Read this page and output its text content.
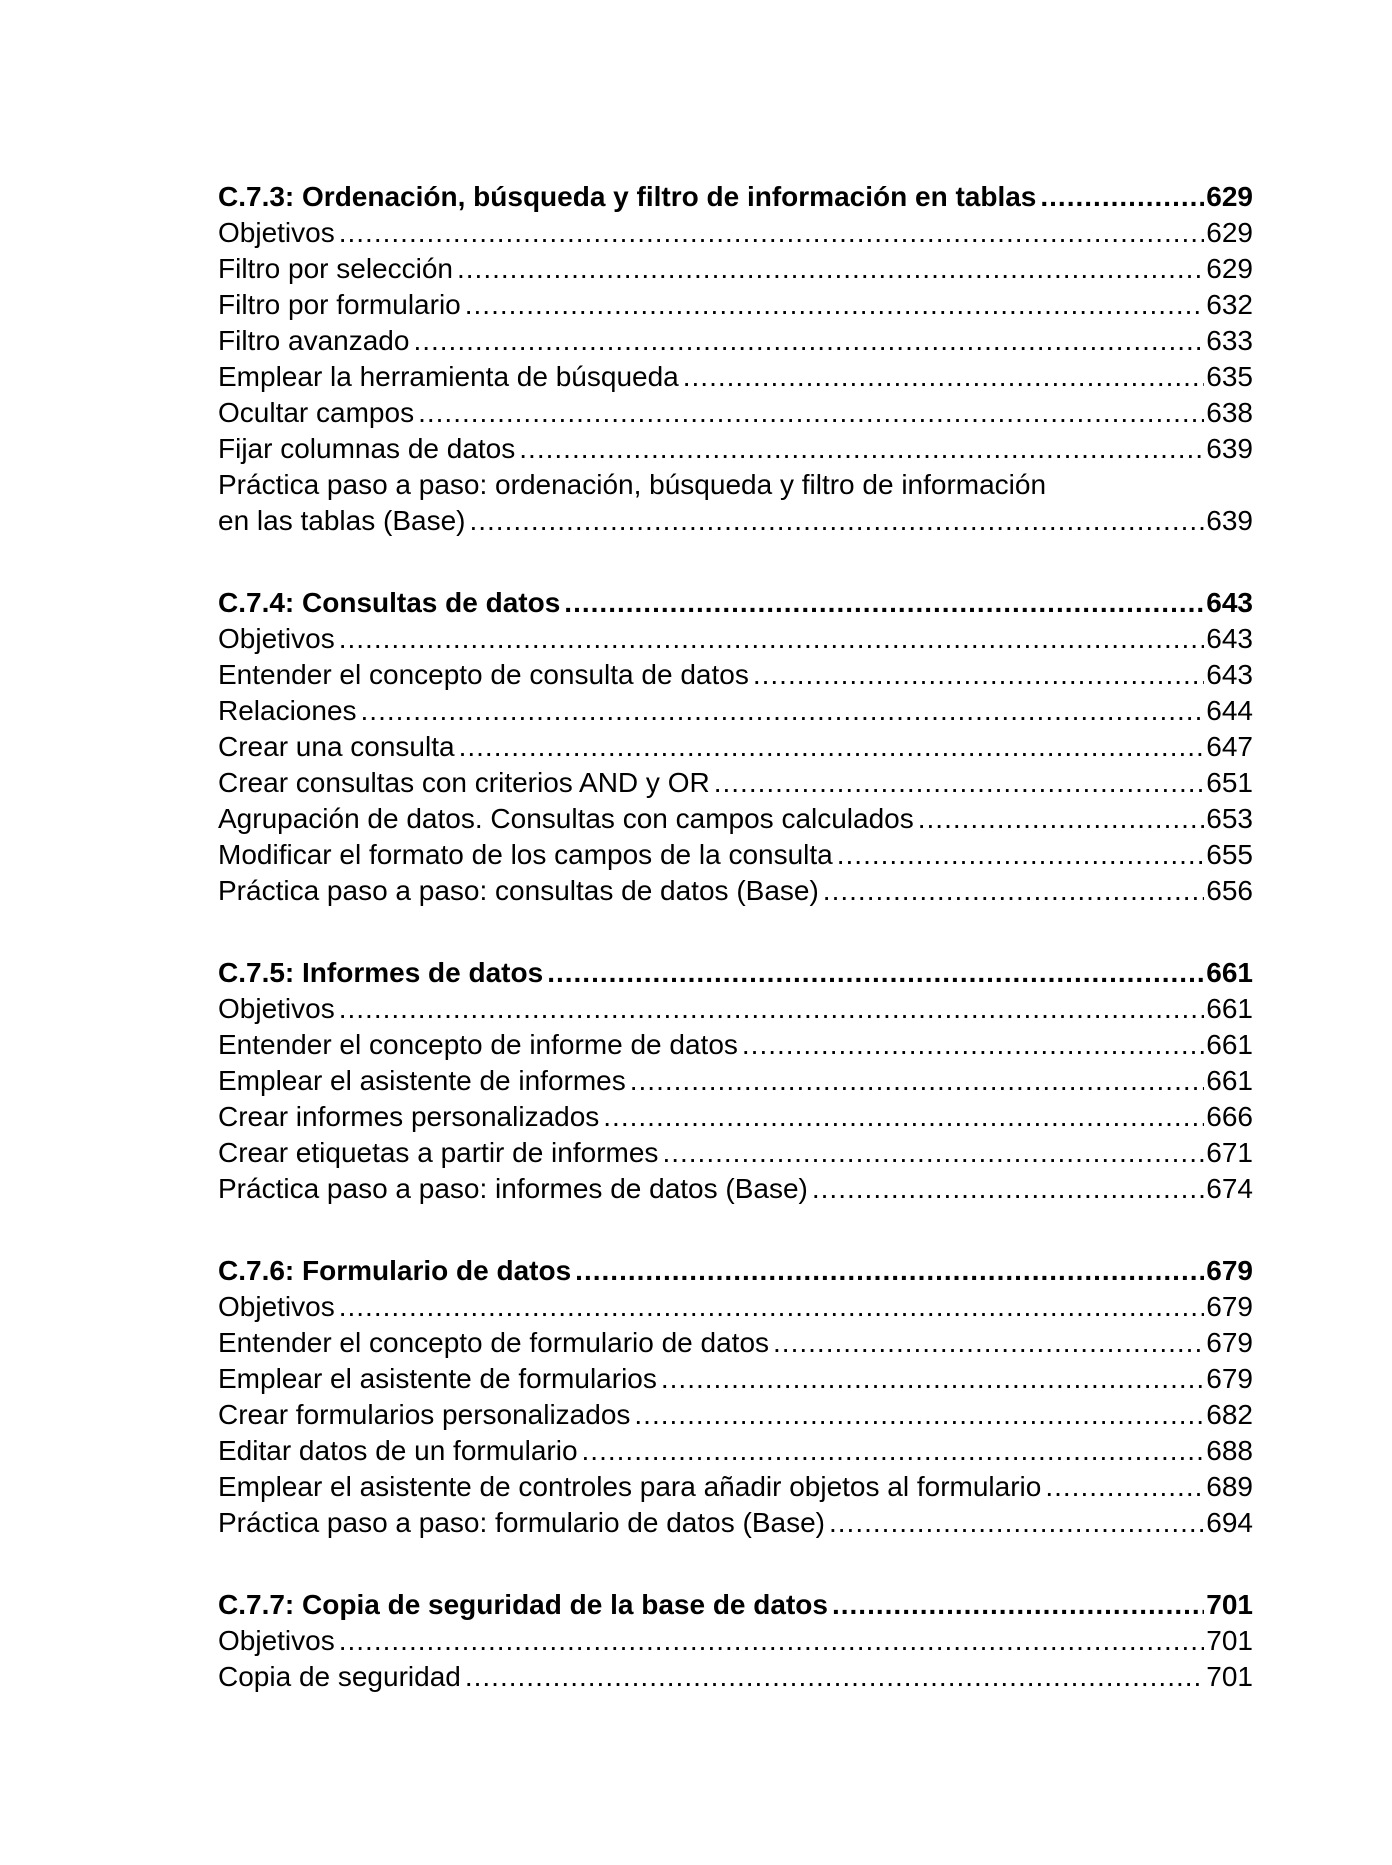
C.7.3: Ordenación, búsqueda y filtro de información en tablas .....	629
Objetivos .....	629
Filtro por selección .....	629
Filtro por formulario .....	632
Filtro avanzado .....	633
Emplear la herramienta de búsqueda .....	635
Ocultar campos .....	638
Fijar columnas de datos .....	639
Práctica paso a paso: ordenación, búsqueda y filtro de información
en las tablas (Base) .....	639
C.7.4: Consultas de datos .....	643
Objetivos .....	643
Entender el concepto de consulta de datos .....	643
Relaciones .....	644
Crear una consulta .....	647
Crear consultas con criterios AND y OR .....	651
Agrupación de datos. Consultas con campos calculados .....	653
Modificar el formato de los campos de la consulta .....	655
Práctica paso a paso: consultas de datos (Base) .....	656
C.7.5: Informes de datos .....	661
Objetivos .....	661
Entender el concepto de informe de datos .....	661
Emplear el asistente de informes .....	661
Crear informes personalizados .....	666
Crear etiquetas a partir de informes .....	671
Práctica paso a paso: informes de datos (Base) .....	674
C.7.6: Formulario de datos .....	679
Objetivos .....	679
Entender el concepto de formulario de datos .....	679
Emplear el asistente de formularios .....	679
Crear formularios personalizados .....	682
Editar datos de un formulario .....	688
Emplear el asistente de controles para añadir objetos al formulario .....	689
Práctica paso a paso: formulario de datos (Base) .....	694
C.7.7: Copia de seguridad de la base de datos .....	701
Objetivos .....	701
Copia de seguridad .....	701
